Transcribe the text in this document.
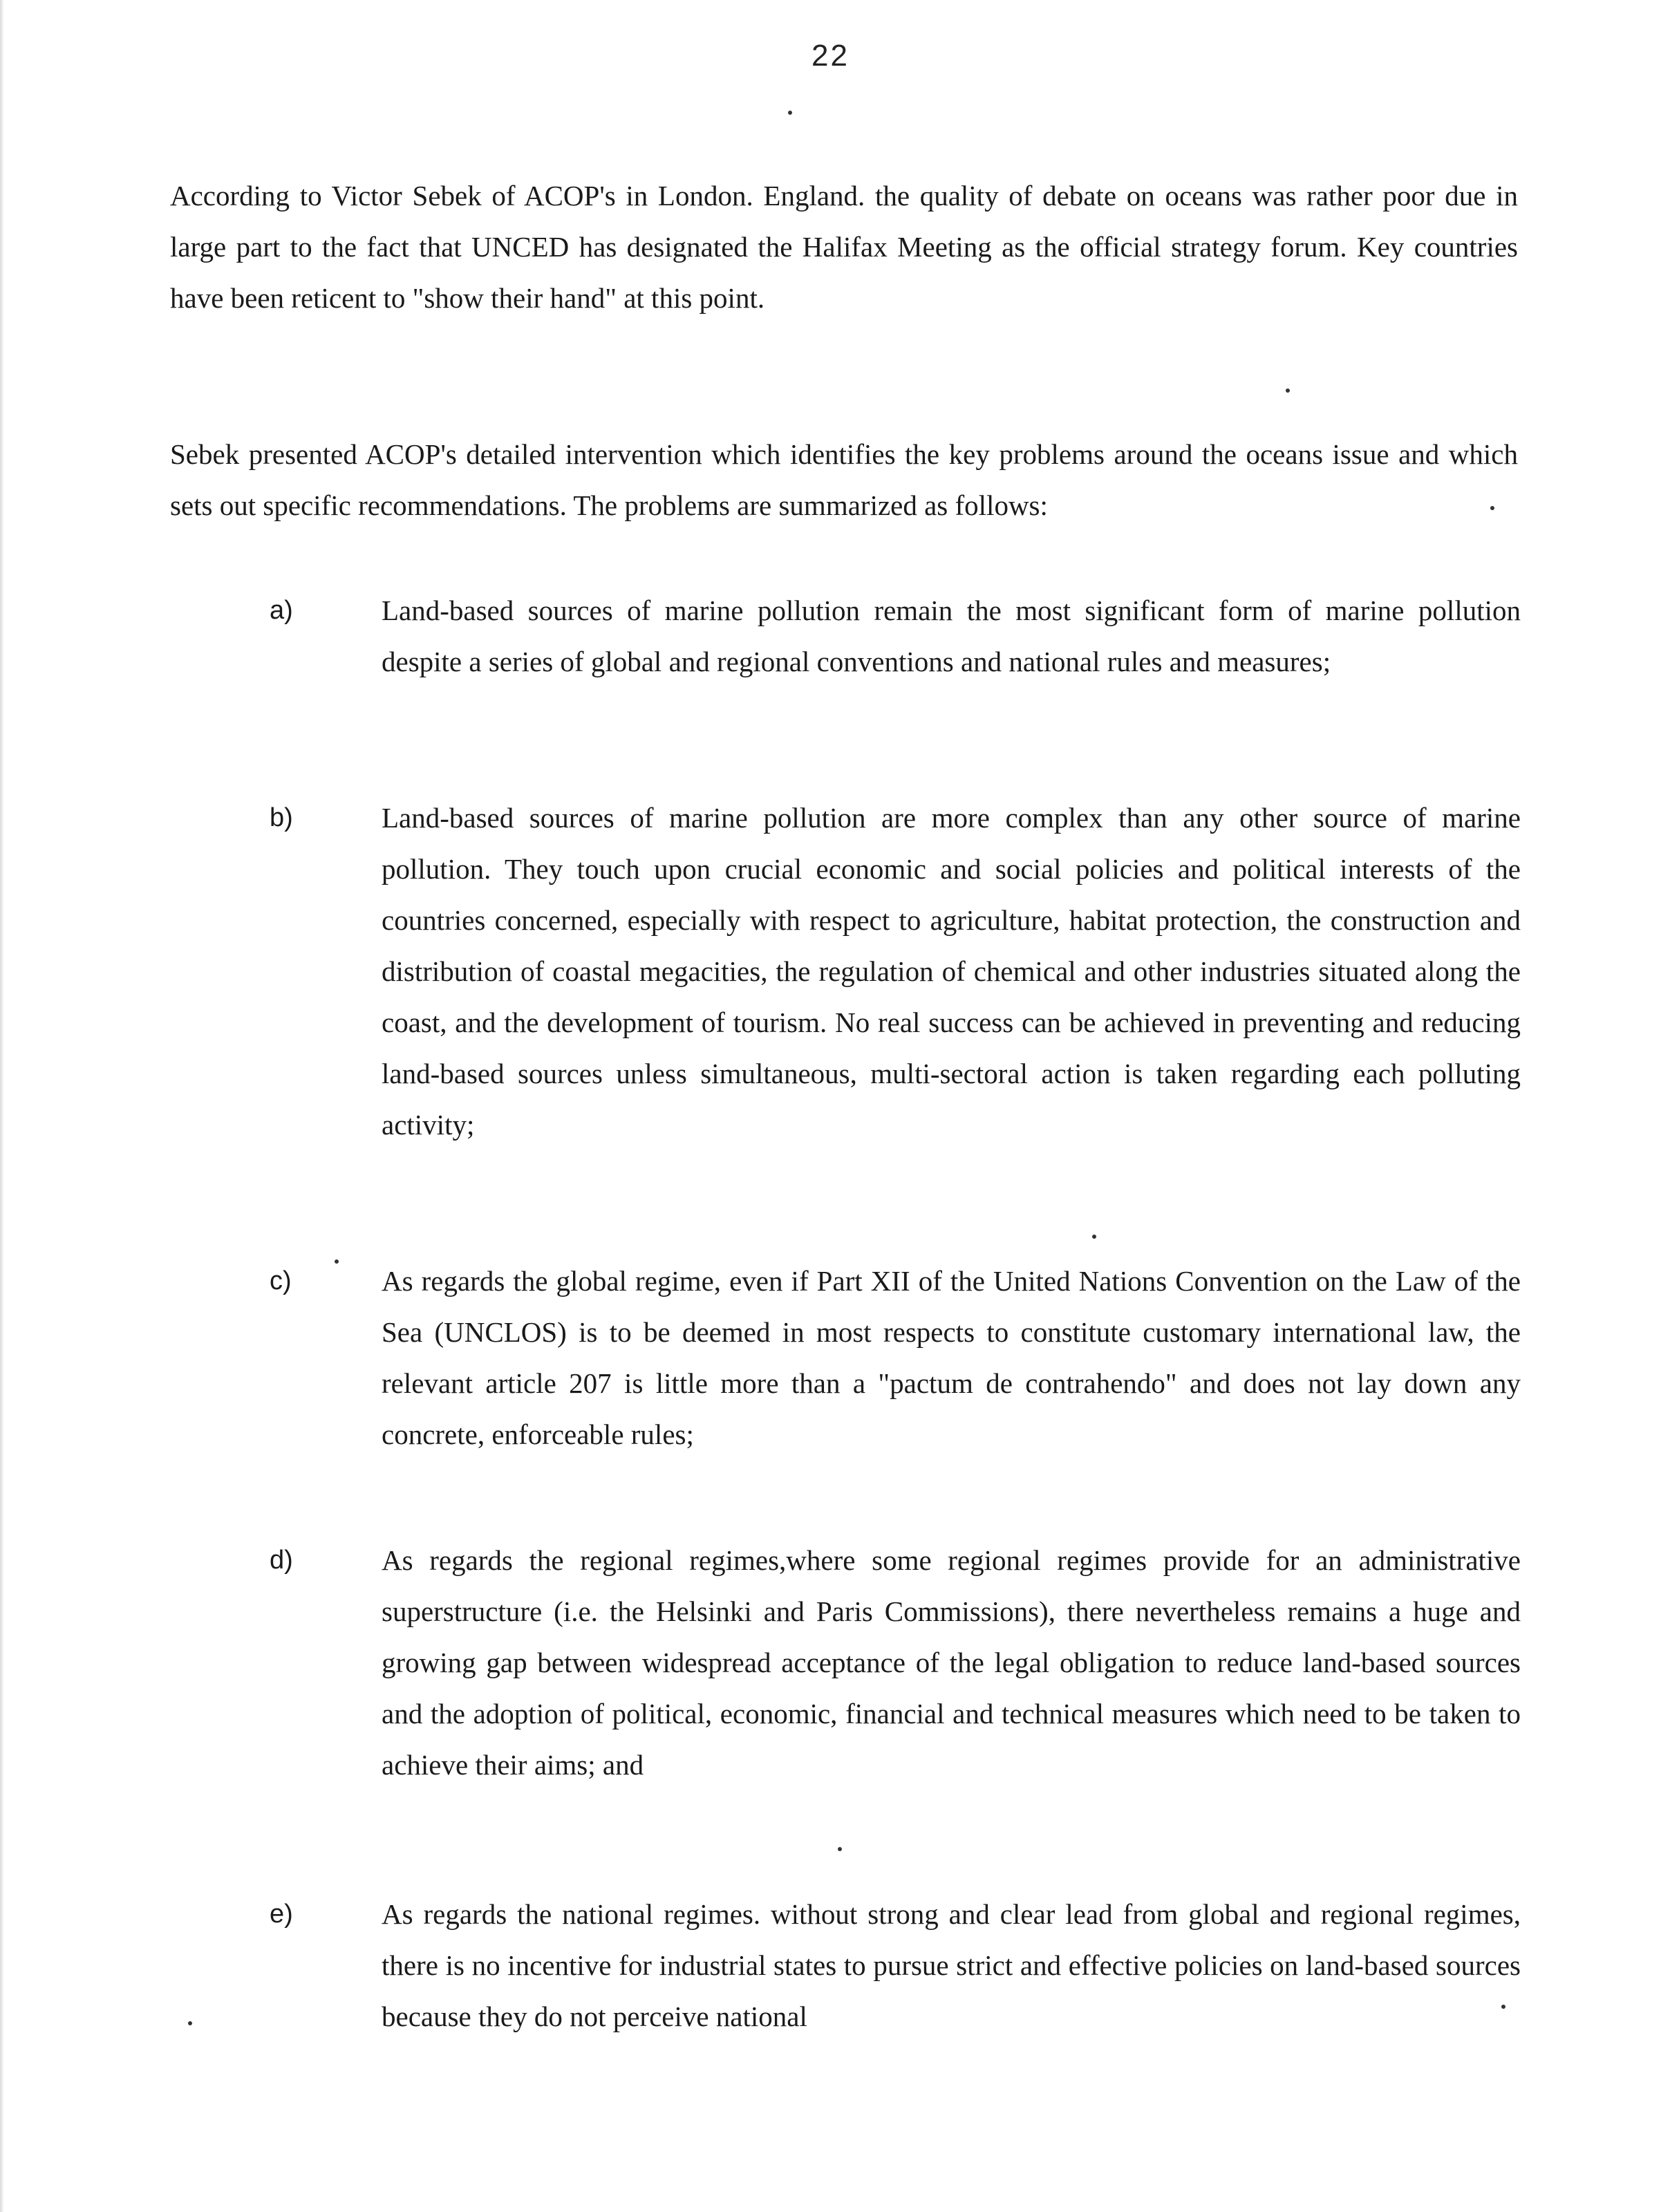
22

According to Victor Sebek of ACOP's in London. England. the quality of debate on oceans was rather poor due in large part to the fact that UNCED has designated the Halifax Meeting as the official strategy forum. Key countries have been reticent to "show their hand" at this point.

Sebek presented ACOP's detailed intervention which identifies the key problems around the oceans issue and which sets out specific recommendations. The problems are summarized as follows:

a)	Land-based sources of marine pollution remain the most significant form of marine pollution despite a series of global and regional conventions and national rules and measures;

b)	Land-based sources of marine pollution are more complex than any other source of marine pollution. They touch upon crucial economic and social policies and political interests of the countries concerned, especially with respect to agriculture, habitat protection, the construction and distribution of coastal megacities, the regulation of chemical and other industries situated along the coast, and the development of tourism. No real success can be achieved in preventing and reducing land-based sources unless simultaneous, multi-sectoral action is taken regarding each polluting activity;

c)	As regards the global regime, even if Part XII of the United Nations Convention on the Law of the Sea (UNCLOS) is to be deemed in most respects to constitute customary international law, the relevant article 207 is little more than a "pactum de contrahendo" and does not lay down any concrete, enforceable rules;

d)	As regards the regional regimes,where some regional regimes provide for an administrative superstructure (i.e. the Helsinki and Paris Commissions), there nevertheless remains a huge and growing gap between widespread acceptance of the legal obligation to reduce land-based sources and the adoption of political, economic, financial and technical measures which need to be taken to achieve their aims; and

e)	As regards the national regimes. without strong and clear lead from global and regional regimes, there is no incentive for industrial states to pursue strict and effective policies on land-based sources because they do not perceive national
